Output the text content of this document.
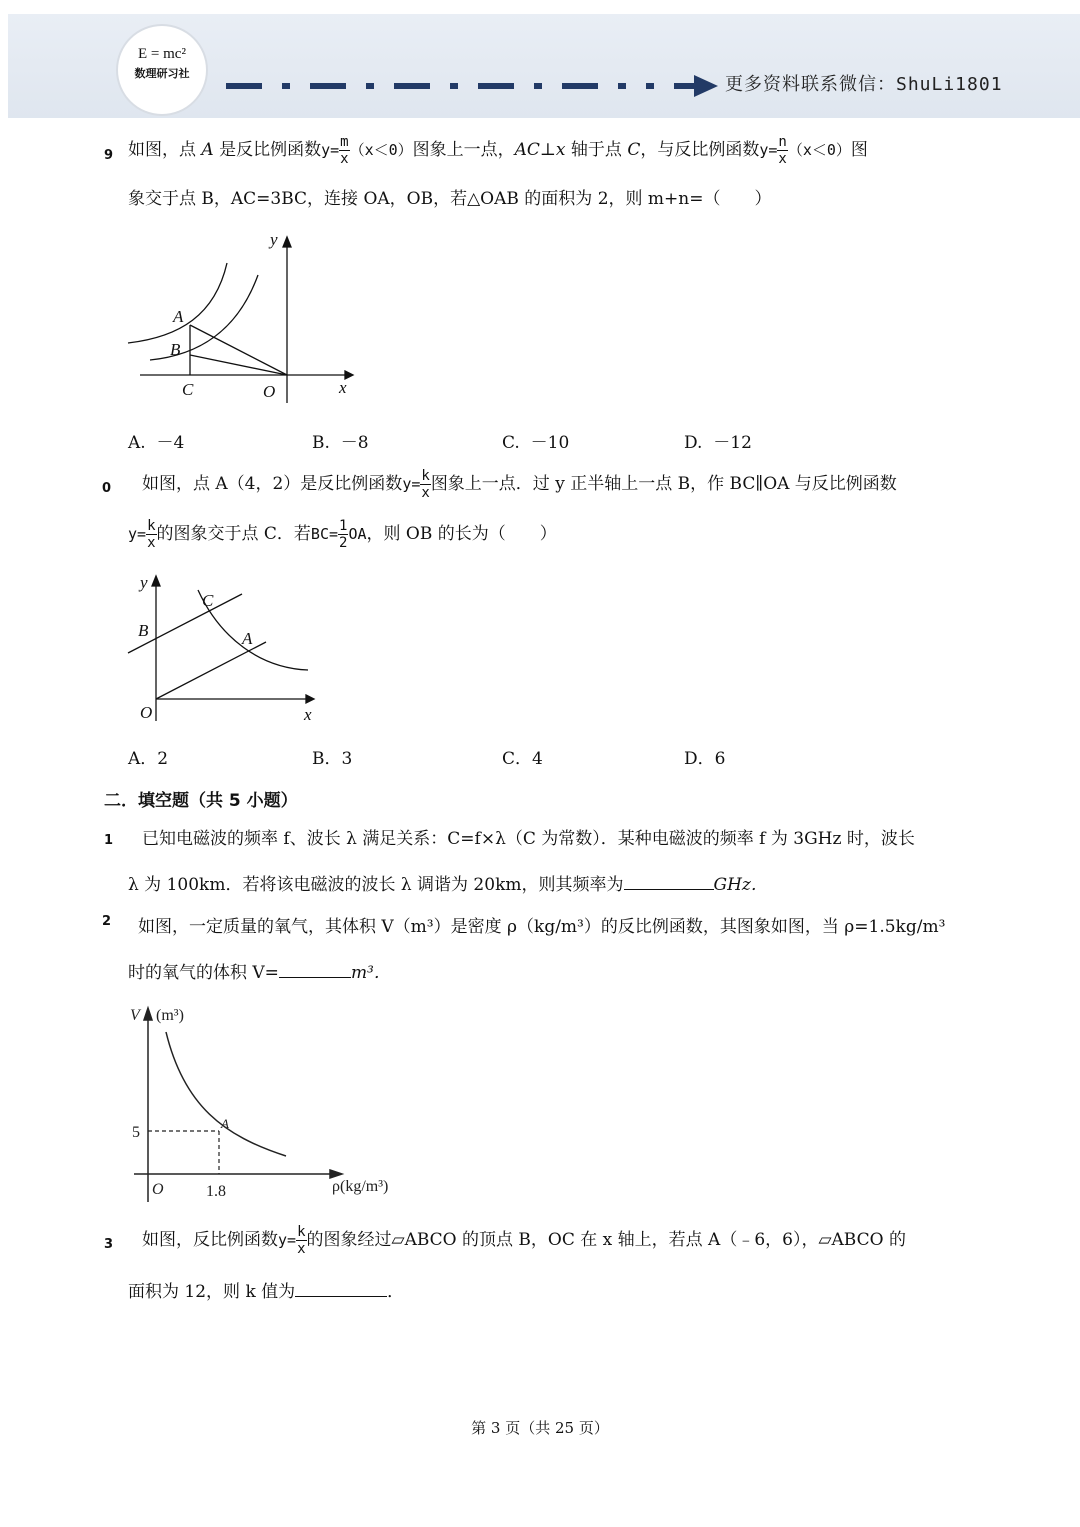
E = mc²
数理研习社
更多资料联系微信：ShuLi1801
9 如图，点 A 是反比例函数$y= \frac{m}{x} (x<0)$图象上一点，AC⊥x 轴于点 C，与反比例函数$y= \frac{n}{x} (x<0)$图
象交于点 B，AC=3BC，连接 OA，OB，若△OAB 的面积为 2，则 m+n=（　　）
y
A
B
C	O	x
A. －4	B. －8	C. －10	D. －12
0 如图，点 A（4，2）是反比例函数$y= \frac{k}{x}$ 图象上一点．过 y 正半轴上一点 B，作 BC∥OA 与反比例函数
$y= \frac{k}{x}$ 的图象交于点 C．若$BC= \frac{1}{2}$ OA，则 OB 的长为（　　）
y
C
B	A
O	x
A．2	B．3	C．4	D．6
二．填空题（共 5 小题）
1 已知电磁波的频率 f、波长 λ 满足关系：C=f×λ（C 为常数）．某种电磁波的频率 f 为 3GHz 时，波长
λ 为 100km．若将该电磁波的波长 λ 调谐为 20km，则其频率为	GHz．
2 如图，一定质量的氧气，其体积 V（m³）是密度 ρ（kg/m³）的反比例函数，其图象如图，当 ρ=1.5kg/m³
时的氧气的体积 V=	m³．
V (m³)
5
A
O	1.8	ρ(kg/m³)
3 如图，反比例函数$y= \frac{k}{x}$ 的图象经过▱ABCO 的顶点 B，OC 在 x 轴上，若点 A（﹣6，6），▱ABCO 的
面积为 12，则 k 值为	．
第 3 页（共 25 页）
